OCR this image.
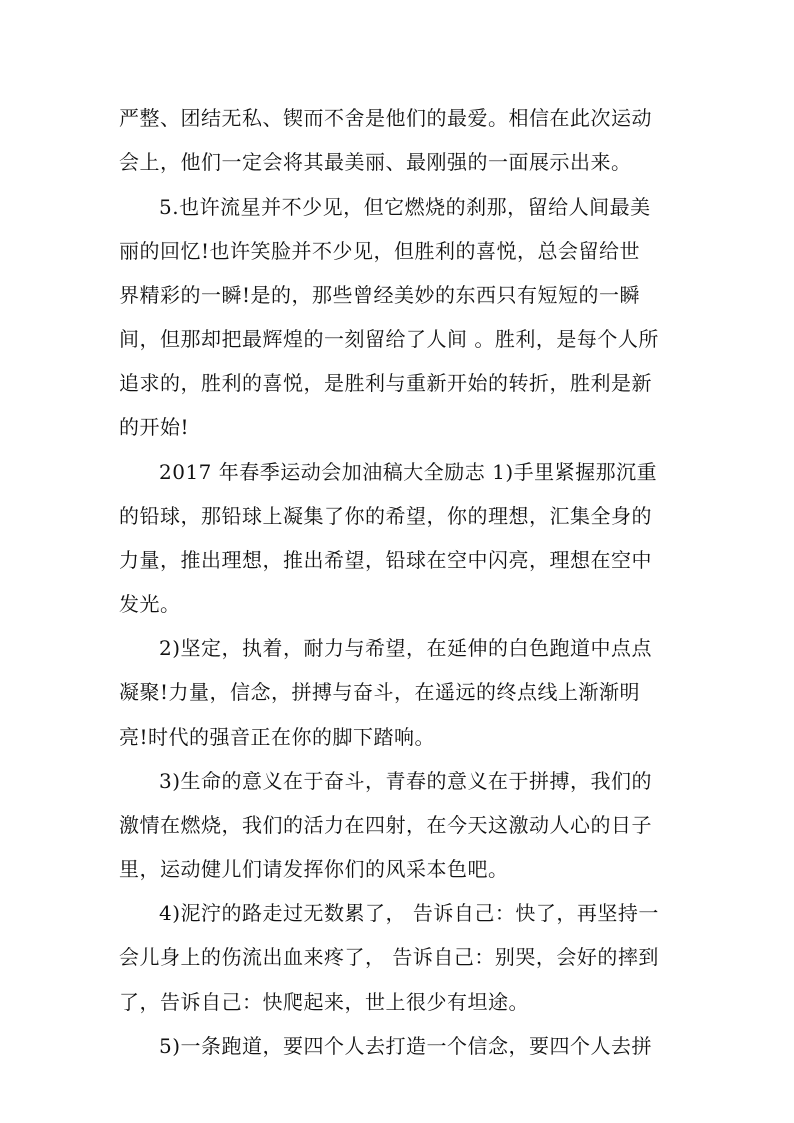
严整、团结无私、锲而不舍是他们的最爱。相信在此次运动
会上，他们一定会将其最美丽、最刚强的一面展示出来。
5.也许流星并不少见，但它燃烧的刹那，留给人间最美
丽的回忆!也许笑脸并不少见，但胜利的喜悦，总会留给世
界精彩的一瞬!是的，那些曾经美妙的东西只有短短的一瞬
间，但那却把最辉煌的一刻留给了人间 。胜利，是每个人所
追求的，胜利的喜悦，是胜利与重新开始的转折，胜利是新
的开始!
2017 年春季运动会加油稿大全励志 1)手里紧握那沉重
的铅球，那铅球上凝集了你的希望，你的理想，汇集全身的
力量，推出理想，推出希望，铅球在空中闪亮，理想在空中
发光。
2)坚定，执着，耐力与希望，在延伸的白色跑道中点点
凝聚!力量，信念，拼搏与奋斗，在遥远的终点线上渐渐明
亮!时代的强音正在你的脚下踏响。
3)生命的意义在于奋斗，青春的意义在于拼搏，我们的
激情在燃烧，我们的活力在四射，在今天这激动人心的日子
里，运动健儿们请发挥你们的风采本色吧。
4)泥泞的路走过无数累了， 告诉自己：快了，再坚持一
会儿身上的伤流出血来疼了， 告诉自己：别哭，会好的摔到
了，告诉自己：快爬起来，世上很少有坦途。
5)一条跑道，要四个人去打造一个信念，要四个人去拼
